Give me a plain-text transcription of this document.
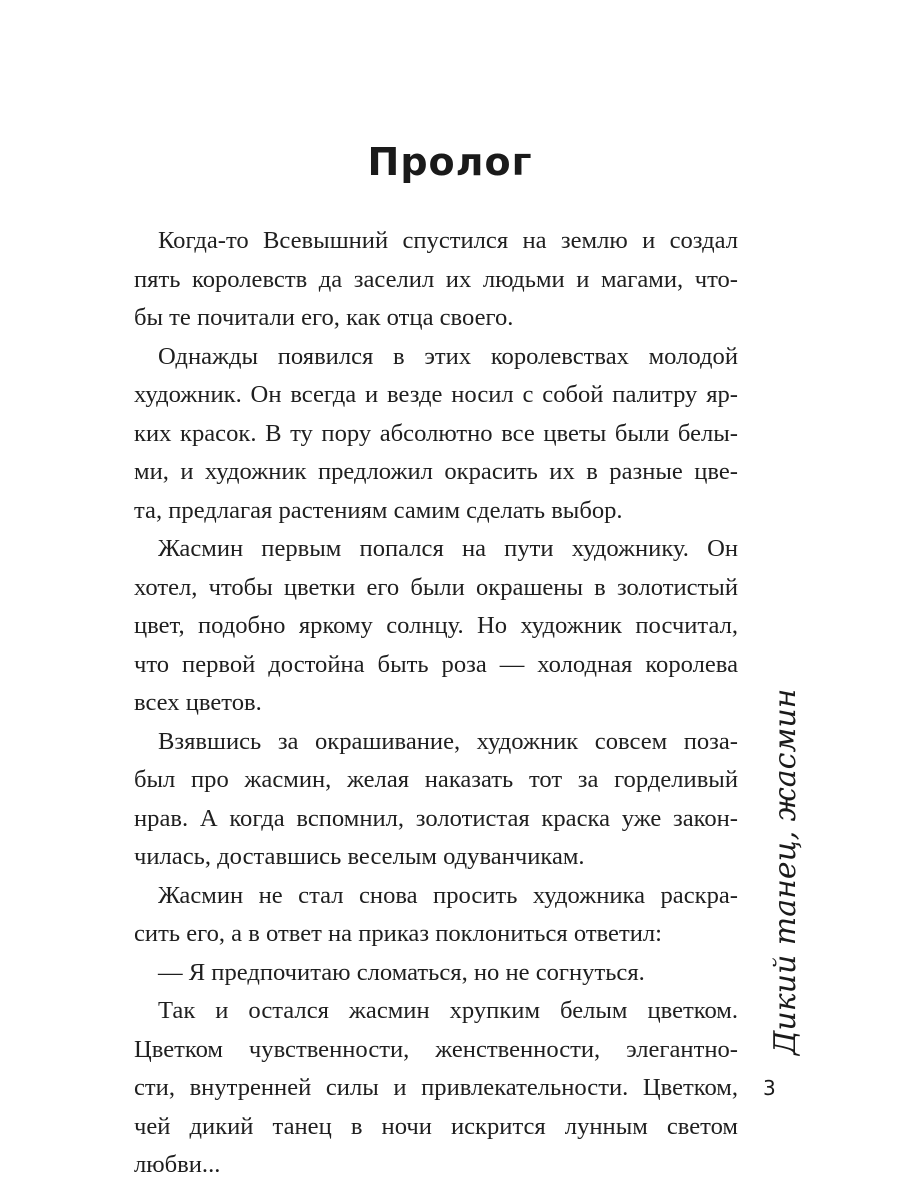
Пролог
Когда-то Всевышний спустился на землю и создал
пять королевств да заселил их людьми и магами, что-
бы те почитали его, как отца своего.
Однажды появился в этих королевствах молодой
художник. Он всегда и везде носил с собой палитру яр-
ких красок. В ту пору абсолютно все цветы были белы-
ми, и художник предложил окрасить их в разные цве-
та, предлагая растениям самим сделать выбор.
Жасмин первым попался на пути художнику. Он
хотел, чтобы цветки его были окрашены в золотистый
цвет, подобно яркому солнцу. Но художник посчитал,
что первой достойна быть роза — холодная королева
всех цветов.
Взявшись за окрашивание, художник совсем поза-
был про жасмин, желая наказать тот за горделивый
нрав. А когда вспомнил, золотистая краска уже закон-
чилась, доставшись веселым одуванчикам.
Жасмин не стал снова просить художника раскра-
сить его, а в ответ на приказ поклониться ответил:
— Я предпочитаю сломаться, но не согнуться.
Так и остался жасмин хрупким белым цветком.
Цветком чувственности, женственности, элегантно-
сти, внутренней силы и привлекательности. Цветком,
чей дикий танец в ночи искрится лунным светом
любви...
Дикий танец, жасмин
3
